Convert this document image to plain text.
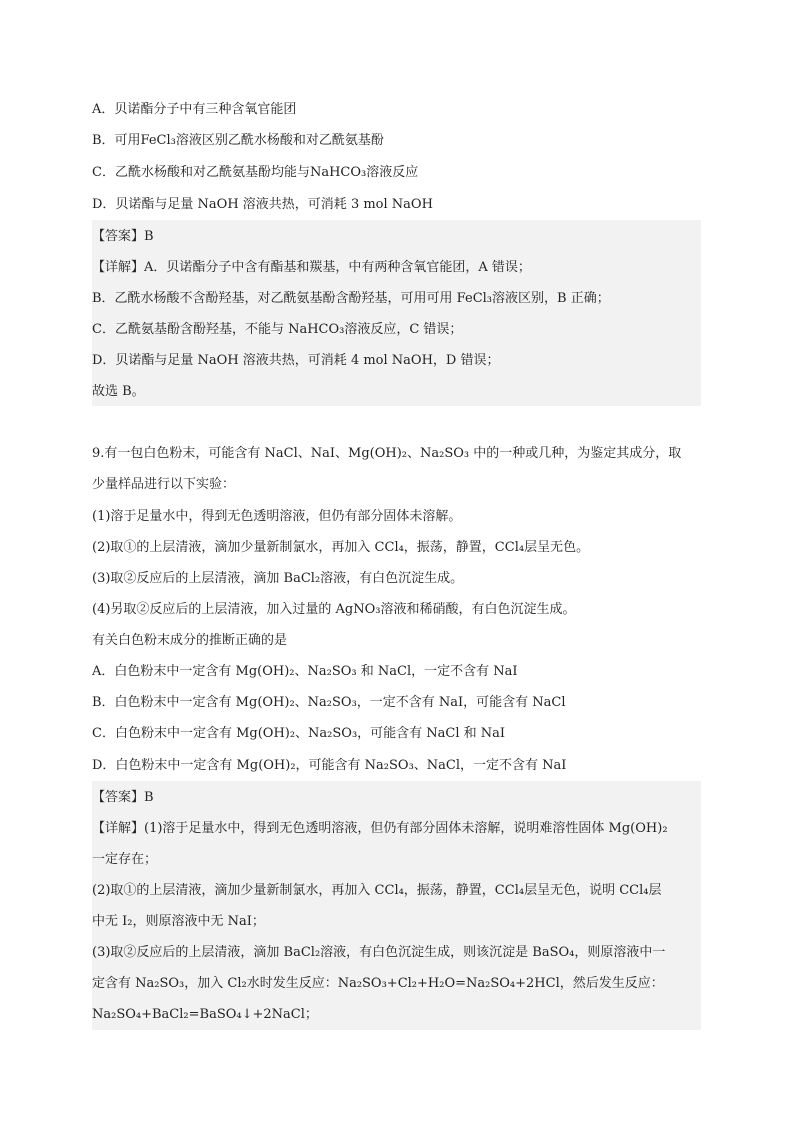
A．贝诺酯分子中有三种含氧官能团
B．可用FeCl₃溶液区别乙酰水杨酸和对乙酰氨基酚
C．乙酰水杨酸和对乙酰氨基酚均能与NaHCO₃溶液反应
D．贝诺酯与足量 NaOH 溶液共热，可消耗 3 mol NaOH
【答案】B
【详解】A．贝诺酯分子中含有酯基和羰基，中有两种含氧官能团，A 错误；
B．乙酰水杨酸不含酚羟基，对乙酰氨基酚含酚羟基，可用可用 FeCl₃溶液区别，B 正确；
C．乙酰氨基酚含酚羟基，不能与 NaHCO₃溶液反应，C 错误；
D．贝诺酯与足量 NaOH 溶液共热，可消耗 4 mol NaOH，D 错误；
故选 B。
9.有一包白色粉末，可能含有 NaCl、NaI、Mg(OH)₂、Na₂SO₃ 中的一种或几种，为鉴定其成分，取
少量样品进行以下实验：
(1)溶于足量水中，得到无色透明溶液，但仍有部分固体未溶解。
(2)取①的上层清液，滴加少量新制氯水，再加入 CCl₄，振荡，静置，CCl₄层呈无色。
(3)取②反应后的上层清液，滴加 BaCl₂溶液，有白色沉淀生成。
(4)另取②反应后的上层清液，加入过量的 AgNO₃溶液和稀硝酸，有白色沉淀生成。
有关白色粉末成分的推断正确的是
A．白色粉末中一定含有 Mg(OH)₂、Na₂SO₃ 和 NaCl，一定不含有 NaI
B．白色粉末中一定含有 Mg(OH)₂、Na₂SO₃，一定不含有 NaI，可能含有 NaCl
C．白色粉末中一定含有 Mg(OH)₂、Na₂SO₃，可能含有 NaCl 和 NaI
D．白色粉末中一定含有 Mg(OH)₂，可能含有 Na₂SO₃、NaCl，一定不含有 NaI
【答案】B
【详解】(1)溶于足量水中，得到无色透明溶液，但仍有部分固体未溶解，说明难溶性固体 Mg(OH)₂
一定存在；
(2)取①的上层清液，滴加少量新制氯水，再加入 CCl₄，振荡，静置，CCl₄层呈无色，说明 CCl₄层
中无 I₂，则原溶液中无 NaI；
(3)取②反应后的上层清液，滴加 BaCl₂溶液，有白色沉淀生成，则该沉淀是 BaSO₄，则原溶液中一
定含有 Na₂SO₃，加入 Cl₂水时发生反应：Na₂SO₃+Cl₂+H₂O=Na₂SO₄+2HCl，然后发生反应：
Na₂SO₄+BaCl₂=BaSO₄↓+2NaCl；
